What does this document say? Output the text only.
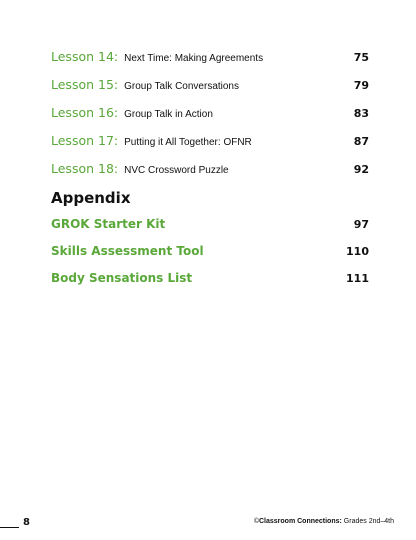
Lesson 14: Next Time: Making Agreements	75
Lesson 15: Group Talk Conversations	79
Lesson 16: Group Talk in Action	83
Lesson 17: Putting it All Together: OFNR	87
Lesson 18: NVC Crossword Puzzle	92
Appendix
GROK Starter Kit	97
Skills Assessment Tool	110
Body Sensations List	111
8	©Classroom Connections: Grades 2nd–4th
